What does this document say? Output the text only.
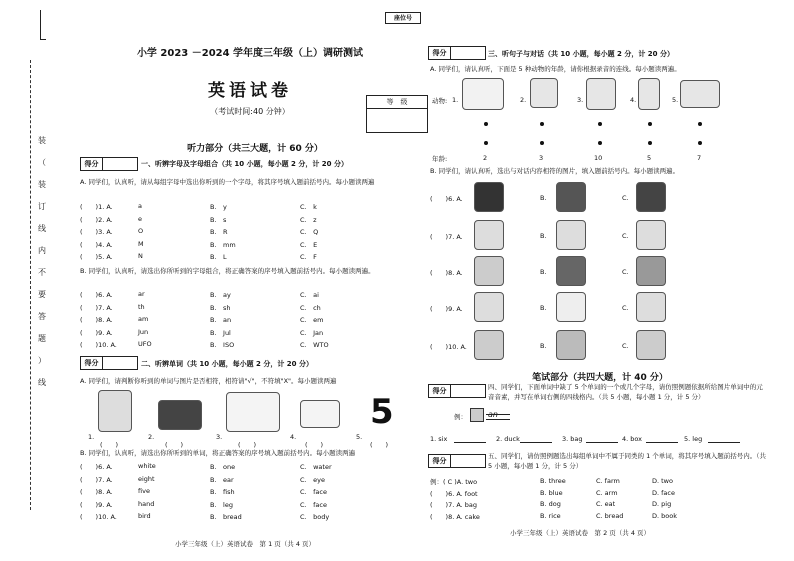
装
（
装
订
线
内
不
要
答
题
）
线
座位号
小学 2023 －2024 学年度三年级（上）调研测试
英语试卷
（考试时间:40 分钟）
等　级
听力部分（共三大题，计 60 分）
得分	一、听辨字母及字母组合（共 10 小题，每小题 2 分，计 20 分）
A. 同学们，认真听，请从每组字母中选出你听到的一个字母，将其序号填入题前括号内。每小题读两遍
(　　)1. A.	a	B.　y	C.　k
(　　)2. A.	e	B.　s	C.　z
(　　)3. A.	O	B.　R	C.　Q
(　　)4. A.	M	B.　mm	C.　E
(　　)5. A.	N	B.　L	C.　F
B. 同学们，认真听，请选出你所听到的字母组合，将正确答案的序号填入题前括号内。每小题读两遍。
(　　)6. A.	ar	B.　ay	C.　ai
(　　)7. A.	th	B.　sh	C.　ch
(　　)8. A.	am	B.　an	C.　em
(　　)9. A.	Jun	B.　Jul	C.　Jan
(　　)10. A.	UFO	B.　ISO	C.　WTO
得分	二、听辨单词（共 10 小题，每小题 2 分，计 20 分）
A. 同学们，请判断你听到的单词与图片是否相符，相符请"√"，不符填"X"。每小题读两遍
5
1.
(　　)
2.
(　　)
3.
(　　)
4.
(　　)
5.
(　　)
B. 同学们，认真听，请选出你所听到的单词，将正确答案的序号填入题前括号内。每小题读两遍
(　　)6. A.	white	B.　one	C.　water
(　　)7. A.	eight	B.　ear	C.　eye
(　　)8. A.	five	B.　fish	C.　face
(　　)9. A.	hand	B.　leg	C.　face
(　　)10. A.	bird	B.　bread	C.　body
小学三年级（上）英语试卷　第 1 页（共 4 页）
得分	三、听句子与对话（共 10 小题，每小题 2 分，计 20 分）
A. 同学们，请认真听，下面是 5 种动物的年龄，请你根据录音的连线。每小题读两遍。
动物: 1.	2.	3.	4.	5.
年龄:	2	3	10	5	7
B. 同学们，请认真听，选出与对话内容相符的图片，填入题前括号内。每小题读两遍。
(　　)6. A.	B.	C.
(　　)7. A.	B.	C.
(　　)8. A.	B.	C.
(　　)9. A.	B.	C.
(　　)10. A.	B.	C.
笔试部分（共四大题，计 40 分）
得分	四、同学们，下面单词中缺了 5 个单词的一个或几个字母，请仿照例题依据所给图片单词中的元音音素，并写在单词右侧的四线格内。（共 5 小题，每小题 1 分，计 5 分）
例：	an
1. six	2. duck	3. bag	4. box	5. leg
得分
五、同学们，请仿照例题选出每组单词中不属于同类的 1 个单词，将其序号填入题前括号内。（共 5 小题，每小题 1 分，计 5 分）
例：( C )A. two	B. three	C. farm	D. two
(　　)6. A. foot	B. blue	C. arm	D. face
(　　)7. A. bag	B. dog	C. eat	D. pig
(　　)8. A. cake	B. rice	C. bread	D. book
小学三年级（上）英语试卷　第 2 页（共 4 页）
